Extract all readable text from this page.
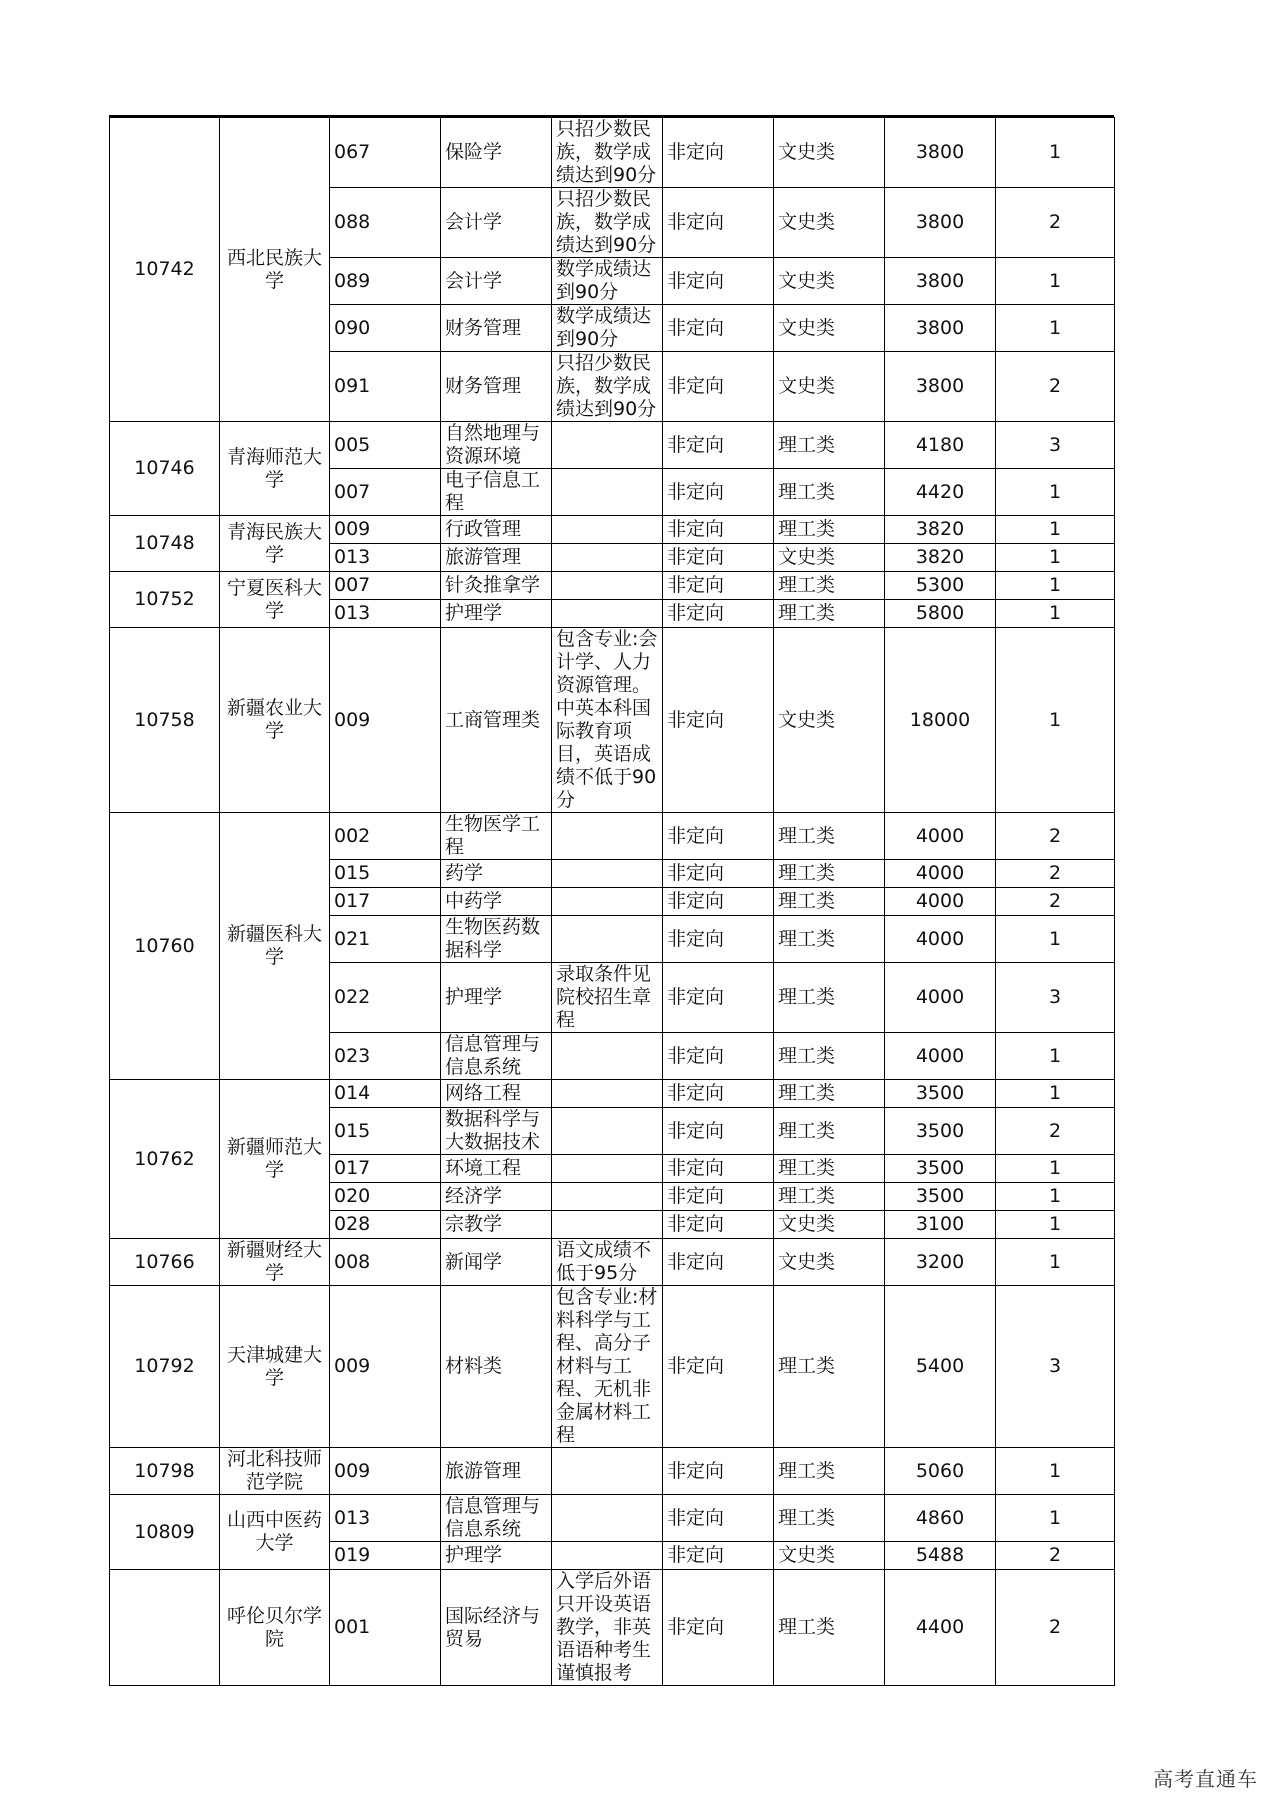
10742	西北民族大学	067	保险学	只招少数民族，数学成绩达到90分	非定向	文史类	3800	1
		088	会计学	只招少数民族，数学成绩达到90分	非定向	文史类	3800	2
		089	会计学	数学成绩达到90分	非定向	文史类	3800	1
		090	财务管理	数学成绩达到90分	非定向	文史类	3800	1
		091	财务管理	只招少数民族，数学成绩达到90分	非定向	文史类	3800	2
10746	青海师范大学	005	自然地理与资源环境		非定向	理工类	4180	3
		007	电子信息工程		非定向	理工类	4420	1
10748	青海民族大学	009	行政管理		非定向	理工类	3820	1
		013	旅游管理		非定向	文史类	3820	1
10752	宁夏医科大学	007	针灸推拿学		非定向	理工类	5300	1
		013	护理学		非定向	理工类	5800	1
10758	新疆农业大学	009	工商管理类	包含专业:会计学、人力资源管理。中英本科国际教育项目，英语成绩不低于90分	非定向	文史类	18000	1
10760	新疆医科大学	002	生物医学工程		非定向	理工类	4000	2
		015	药学		非定向	理工类	4000	2
		017	中药学		非定向	理工类	4000	2
		021	生物医药数据科学		非定向	理工类	4000	1
		022	护理学	录取条件见院校招生章程	非定向	理工类	4000	3
		023	信息管理与信息系统		非定向	理工类	4000	1
10762	新疆师范大学	014	网络工程		非定向	理工类	3500	1
		015	数据科学与大数据技术		非定向	理工类	3500	2
		017	环境工程		非定向	理工类	3500	1
		020	经济学		非定向	理工类	3500	1
		028	宗教学		非定向	文史类	3100	1
10766	新疆财经大学	008	新闻学	语文成绩不低于95分	非定向	文史类	3200	1
10792	天津城建大学	009	材料类	包含专业:材料科学与工程、高分子材料与工程、无机非金属材料工程	非定向	理工类	5400	3
10798	河北科技师范学院	009	旅游管理		非定向	理工类	5060	1
10809	山西中医药大学	013	信息管理与信息系统		非定向	理工类	4860	1
		019	护理学		非定向	文史类	5488	2
	呼伦贝尔学院	001	国际经济与贸易	入学后外语只开设英语教学，非英语语种考生谨慎报考	非定向	理工类	4400	2
高考直通车
